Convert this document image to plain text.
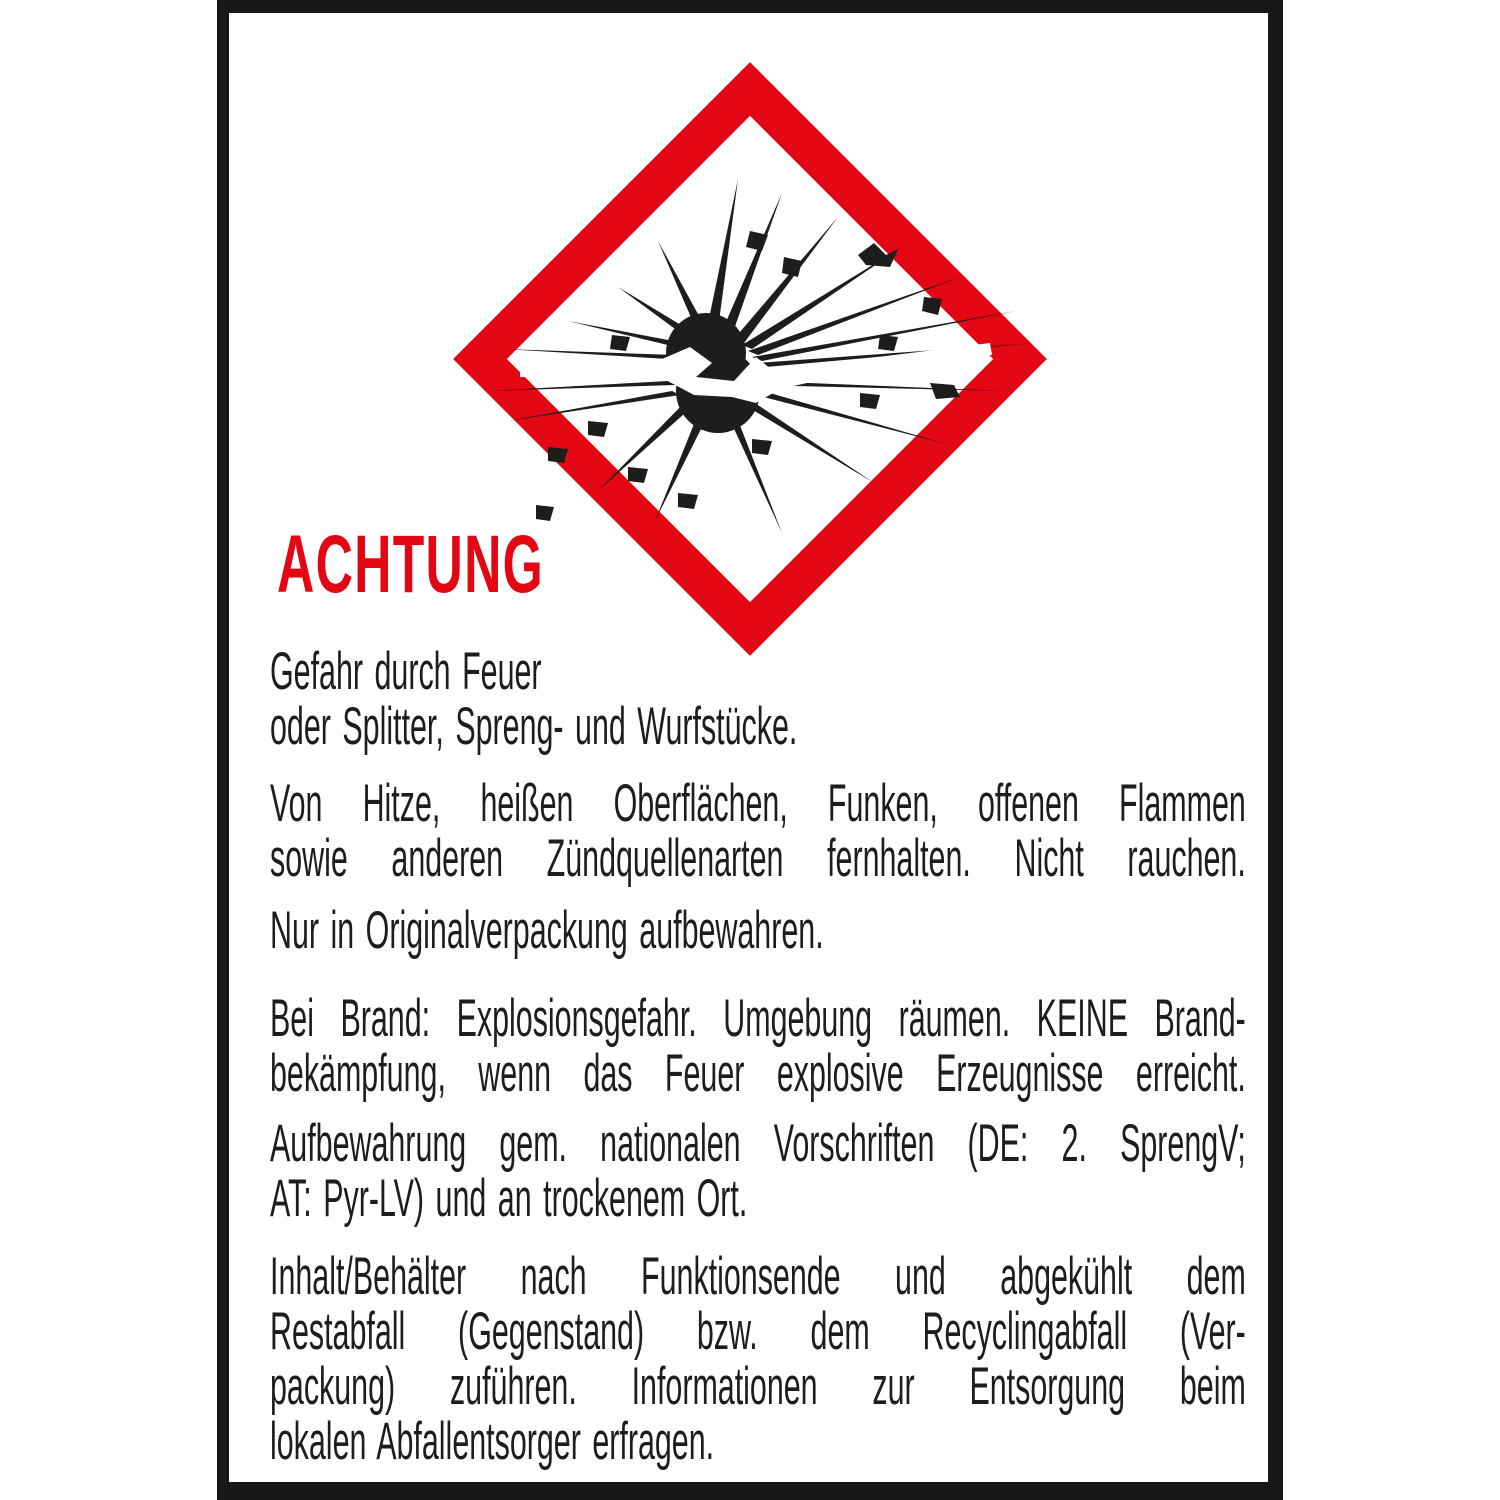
ACHTUNG
Gefahr durch Feuer
oder Splitter, Spreng- und Wurfstücke.
Von Hitze, heißen Oberflächen, Funken, offenen Flammen
sowie anderen Zündquellenarten fernhalten. Nicht rauchen.
Nur in Originalverpackung aufbewahren.
Bei Brand: Explosionsgefahr. Umgebung räumen. KEINE Brand-
bekämpfung, wenn das Feuer explosive Erzeugnisse erreicht.
Aufbewahrung gem. nationalen Vorschriften (DE: 2. SprengV;
AT: Pyr-LV) und an trockenem Ort.
Inhalt/Behälter nach Funktionsende und abgekühlt dem
Restabfall (Gegenstand) bzw. dem Recyclingabfall (Ver-
packung) zuführen. Informationen zur Entsorgung beim
lokalen Abfallentsorger erfragen.
